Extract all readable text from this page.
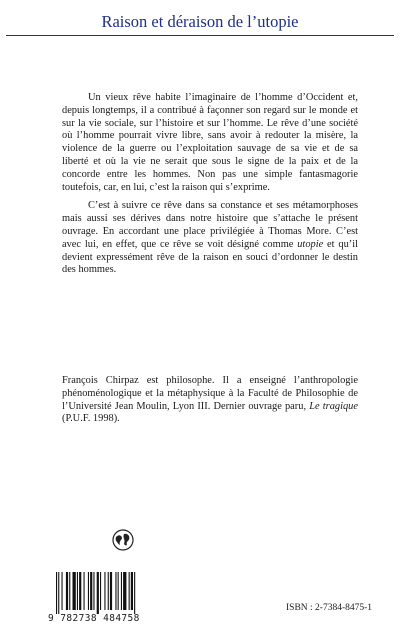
Raison et déraison de l’utopie

Un vieux rêve habite l’imaginaire de l’homme d’Occident et, depuis longtemps, il a contribué à façonner son regard sur le monde et sur la vie sociale, sur l’histoire et sur l’homme. Le rêve d’une société où l’homme pourrait vivre libre, sans avoir à redouter la misère, la violence de la guerre ou l’exploitation sauvage de sa vie et de sa liberté et où la vie ne serait que sous le signe de la paix et de la concorde entre les hommes. Non pas une simple fantasmagorie toutefois, car, en lui, c’est la raison qui s’exprime.

C’est à suivre ce rêve dans sa constance et ses métamorphoses mais aussi ses dérives dans notre histoire que s’attache le présent ouvrage. En accordant une place privilégiée à Thomas More. C’est avec lui, en effet, que ce rêve se voit désigné comme utopie et qu’il devient expressément rêve de la raison en souci d’ordonner le destin des hommes.

François Chirpaz est philosophe. Il a enseigné l’anthropologie phénoménologique et la métaphysique à la Faculté de Philosophie de l’Université Jean Moulin, Lyon III. Dernier ouvrage paru, Le tragique (P.U.F. 1998).

9 782738 484758
ISBN : 2-7384-8475-1
